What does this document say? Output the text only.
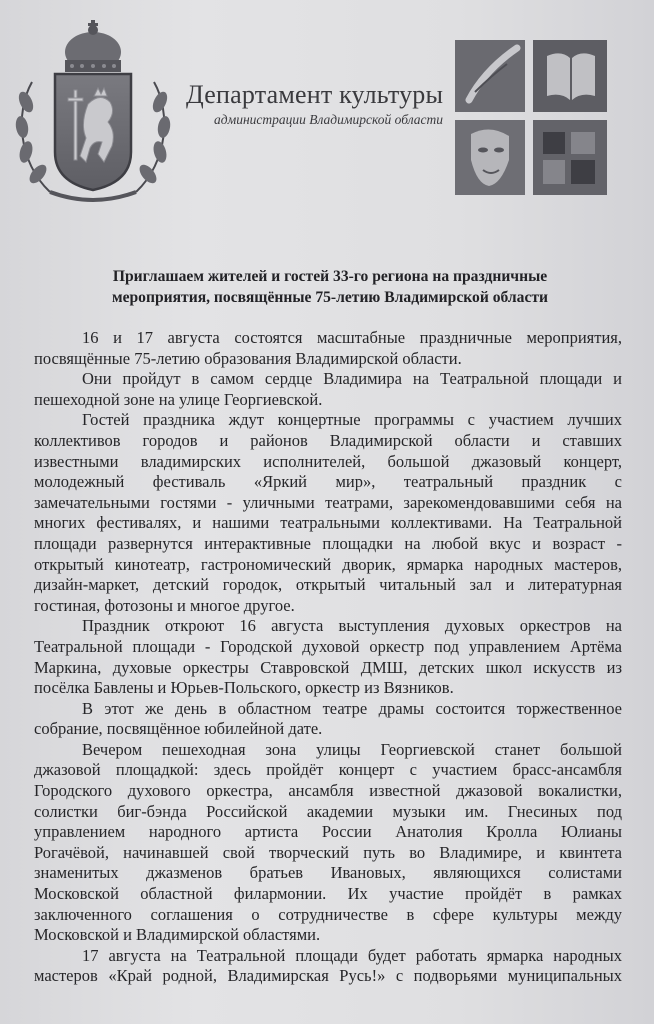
Департамент культуры
администрации Владимирской области
Приглашаем жителей и гостей 33-го региона на праздничные
мероприятия, посвящённые 75-летию Владимирской области

16 и 17 августа состоятся масштабные праздничные мероприятия,
посвящённые 75-летию образования Владимирской области.

Они пройдут в самом сердце Владимира на Театральной площади и
пешеходной зоне на улице Георгиевской.

Гостей праздника ждут концертные программы с участием лучших
коллективов городов и районов Владимирской области и ставших
известными владимирских исполнителей, большой джазовый концерт,
молодежный фестиваль «Яркий мир», театральный праздник с
замечательными гостями - уличными театрами, зарекомендовавшими себя на
многих фестивалях, и нашими театральными коллективами. На Театральной
площади развернутся интерактивные площадки на любой вкус и возраст -
открытый кинотеатр, гастрономический дворик, ярмарка народных мастеров,
дизайн-маркет, детский городок, открытый читальный зал и литературная
гостиная, фотозоны и многое другое.

Праздник откроют 16 августа выступления духовых оркестров на
Театральной площади - Городской духовой оркестр под управлением Артёма
Маркина, духовые оркестры Ставровской ДМШ, детских школ искусств из
посёлка Бавлены и Юрьев-Польского, оркестр из Вязников.

В этот же день в областном театре драмы состоится торжественное
собрание, посвящённое юбилейной дате.

Вечером пешеходная зона улицы Георгиевской станет большой
джазовой площадкой: здесь пройдёт концерт с участием брасс-ансамбля
Городского духового оркестра, ансамбля известной джазовой вокалистки,
солистки биг-бэнда Российской академии музыки им. Гнесиных под
управлением народного артиста России Анатолия Кролла Юлианы
Рогачёвой, начинавшей свой творческий путь во Владимире, и квинтета
знаменитых джазменов братьев Ивановых, являющихся солистами
Московской областной филармонии. Их участие пройдёт в рамках
заключенного соглашения о сотрудничестве в сфере культуры между
Московской и Владимирской областями.

17 августа на Театральной площади будет работать ярмарка народных
мастеров «Край родной, Владимирская Русь!» с подворьями муниципальных
